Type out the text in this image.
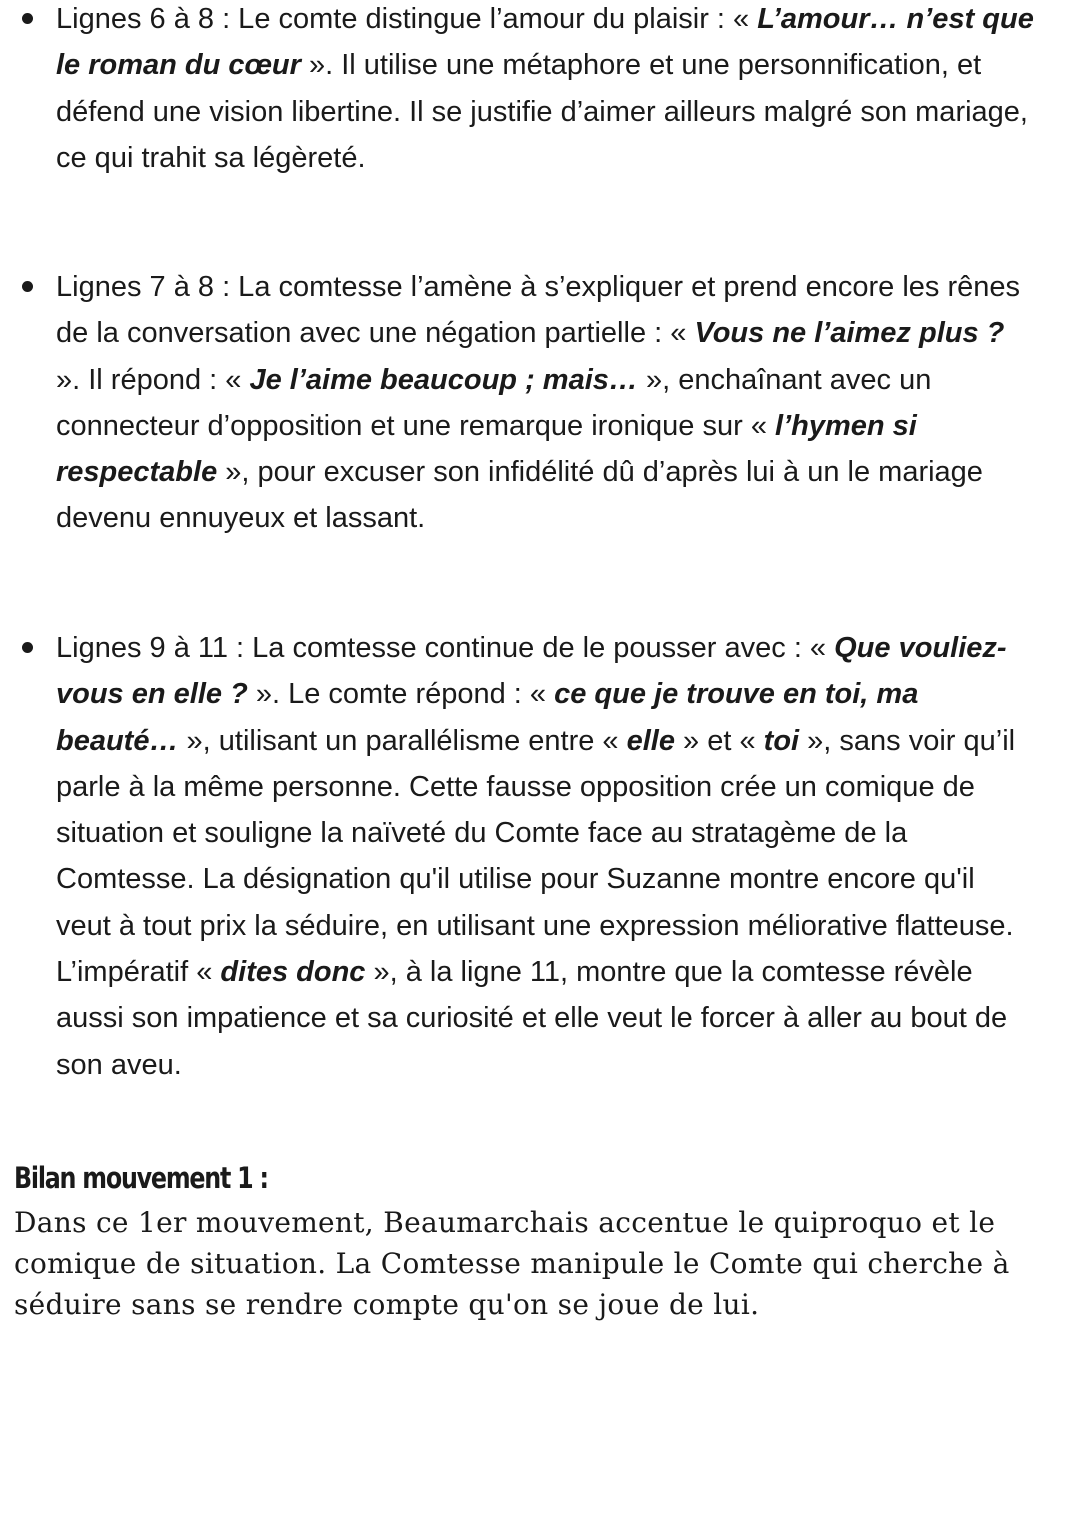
Lignes 6 à 8 : Le comte distingue l’amour du plaisir : « L’amour… n’est que le roman du cœur ». Il utilise une métaphore et une personnification, et défend une vision libertine. Il se justifie d’aimer ailleurs malgré son mariage, ce qui trahit sa légèreté.
Lignes 7 à 8 : La comtesse l’amène à s’expliquer et prend encore les rênes de la conversation avec une négation partielle : « Vous ne l’aimez plus ? ». Il répond : « Je l’aime beaucoup ; mais… », enchaînant avec un connecteur d’opposition et une remarque ironique sur « l’hymen si respectable », pour excuser son infidélité dû d’après lui à un le mariage devenu ennuyeux et lassant.
Lignes 9 à 11 : La comtesse continue de le pousser avec : « Que vouliez-vous en elle ? ». Le comte répond : « ce que je trouve en toi, ma beauté… », utilisant un parallélisme entre « elle » et « toi », sans voir qu’il parle à la même personne. Cette fausse opposition crée un comique de situation et souligne la naïveté du Comte face au stratagème de la Comtesse. La désignation qu'il utilise pour Suzanne montre encore qu'il veut à tout prix la séduire, en utilisant une expression méliorative flatteuse. L’impératif « dites donc », à la ligne 11, montre que la comtesse révèle aussi son impatience et sa curiosité et elle veut le forcer à aller au bout de son aveu.
Bilan mouvement 1 :

Dans ce 1er mouvement, Beaumarchais accentue le quiproquo et le comique de situation. La Comtesse manipule le Comte qui cherche à séduire sans se rendre compte qu'on se joue de lui.
